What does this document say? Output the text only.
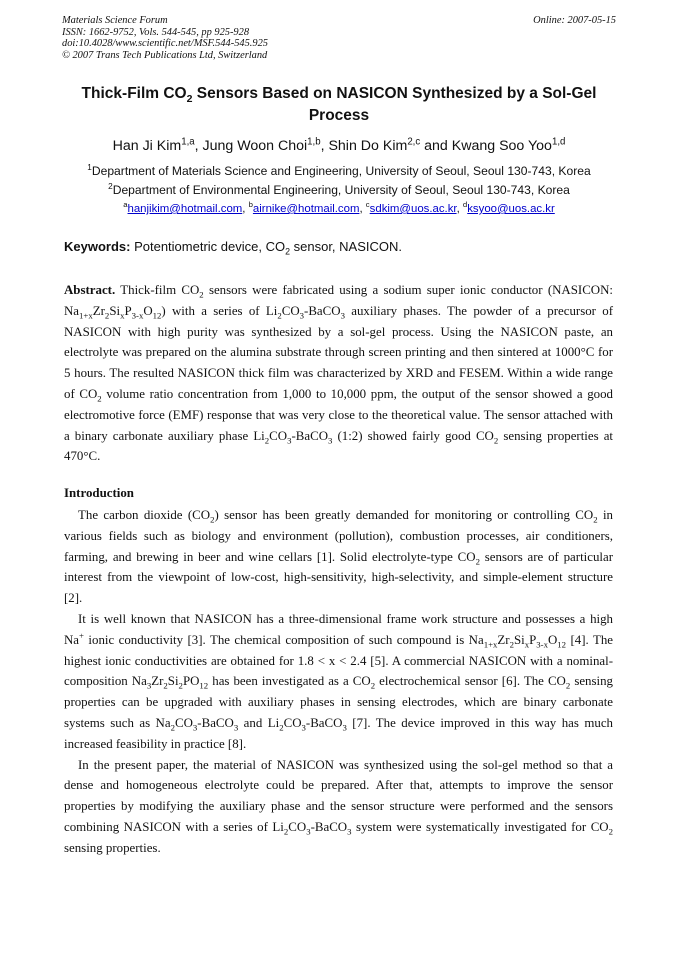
Materials Science Forum
ISSN: 1662-9752, Vols. 544-545, pp 925-928
doi:10.4028/www.scientific.net/MSF.544-545.925
© 2007 Trans Tech Publications Ltd, Switzerland
Online: 2007-05-15
Thick-Film $CO_2$ Sensors Based on NASICON Synthesized by a Sol-Gel Process
Han Ji Kim$^{1,a}$, Jung Woon Choi$^{1,b}$, Shin Do Kim$^{2,c}$ and Kwang Soo Yoo$^{1,d}$
$^1$Department of Materials Science and Engineering, University of Seoul, Seoul 130-743, Korea
$^2$Department of Environmental Engineering, University of Seoul, Seoul 130-743, Korea
$^a$hanjikim@hotmail.com, $^b$airnike@hotmail.com, $^c$sdkim@uos.ac.kr, $^d$ksyoo@uos.ac.kr
Keywords: Potentiometric device, $CO_2$ sensor, NASICON.

Abstract. Thick-film $CO_2$ sensors were fabricated using a sodium super ionic conductor (NASICON: $Na_{1+x}Zr_2Si_xP_{3-x}O_{12}$) with a series of $Li_2CO_3-BaCO_3$ auxiliary phases. The powder of a precursor of NASICON with high purity was synthesized by a sol-gel process. Using the NASICON paste, an electrolyte was prepared on the alumina substrate through screen printing and then sintered at 1000°C for 5 hours. The resulted NASICON thick film was characterized by XRD and FESEM. Within a wide range of $CO_2$ volume ratio concentration from 1,000 to 10,000 ppm, the output of the sensor showed a good electromotive force (EMF) response that was very close to the theoretical value. The sensor attached with a binary carbonate auxiliary phase $Li_2CO_3-BaCO_3$ (1:2) showed fairly good $CO_2$ sensing properties at 470°C.

Introduction

The carbon dioxide $(CO_2)$ sensor has been greatly demanded for monitoring or controlling $CO_2$ in various fields such as biology and environment (pollution), combustion processes, air conditioners, farming, and brewing in beer and wine cellars [1]. Solid electrolyte-type $CO_2$ sensors are of particular interest from the viewpoint of low-cost, high-sensitivity, high-selectivity, and simple-element structure [2].

It is well known that NASICON has a three-dimensional frame work structure and possesses a high Na+ ionic conductivity [3]. The chemical composition of such compound is $Na_{1+x}Zr_2Si_xP_{3-x}O_{12}$ [4]. The highest ionic conductivities are obtained for 1.8 < x < 2.4 [5]. A commercial NASICON with a nominal-composition $Na_3Zr_2Si_2PO_{12}$ has been investigated as a $CO_2$ electrochemical sensor [6]. The $CO_2$ sensing properties can be upgraded with auxiliary phases in sensing electrodes, which are binary carbonate systems such as $Na_2CO_3-BaCO_3$ and $Li_2CO_3-BaCO_3$ [7]. The device improved in this way has much increased feasibility in practice [8].

In the present paper, the material of NASICON was synthesized using the sol-gel method so that a dense and homogeneous electrolyte could be prepared. After that, attempts to improve the sensor properties by modifying the auxiliary phase and the sensor structure were performed and the sensors combining NASICON with a series of $Li_2CO_3-BaCO_3$ system were systematically investigated for $CO_2$ sensing properties.
